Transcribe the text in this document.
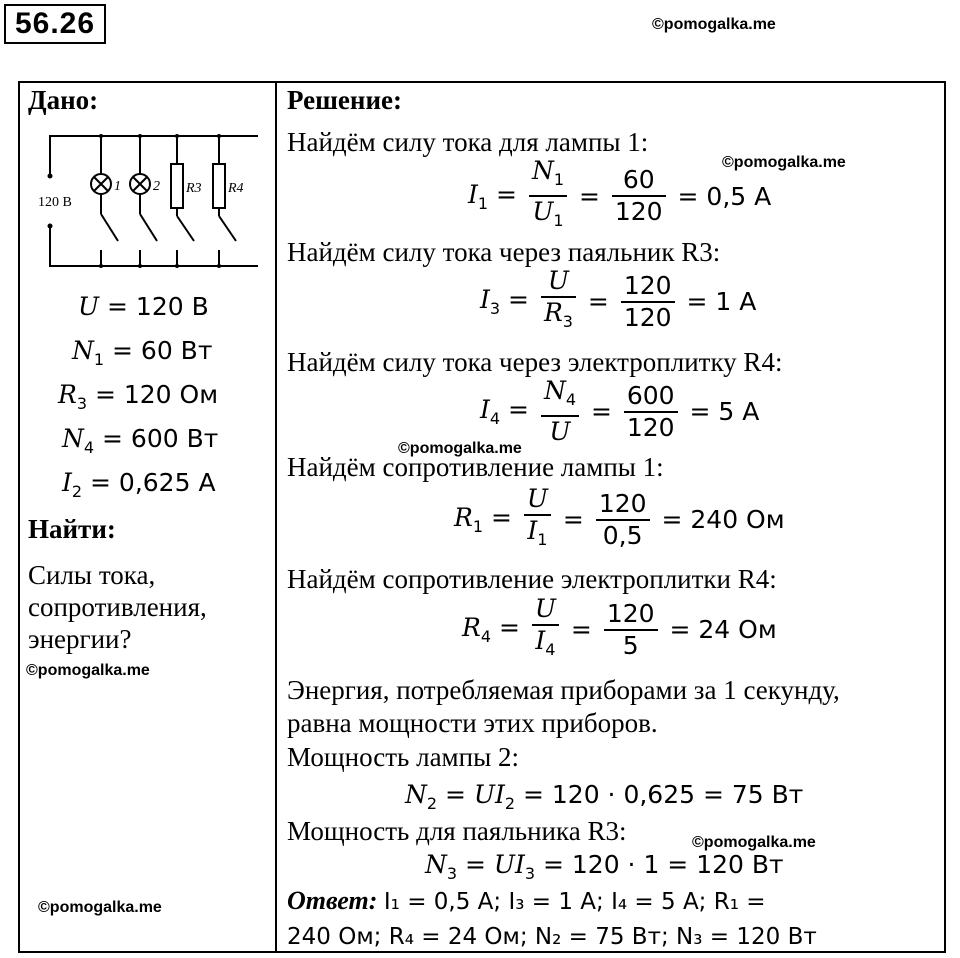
56.26	©pomogalka.me
Дано:
120 В
1 2 R3 R4
U = 120 В
$N_1 = 60$ Вт
$R_3 = 120$ Ом
$N_4 = 600$ Вт
$I_2 = 0,625$ А
Найти:
Силы тока,
сопротивления,
энергии?
©pomogalka.me
©pomogalka.me
Решение:
Найдём силу тока для лампы 1:
©pomogalka.me
$I_1 = \frac{N_1}{U_1} = \frac{60}{120} = 0,5$ А
Найдём силу тока через паяльник R3:
$I_3 = \frac{U}{R_3} = \frac{120}{120} = 1$ А
Найдём силу тока через электроплитку R4:
$I_4 = \frac{N_4}{U} = \frac{600}{120} = 5$ А
©pomogalka.me
Найдём сопротивление лампы 1:
$R_1 = \frac{U}{I_1} = \frac{120}{0,5} = 240$ Ом
Найдём сопротивление электроплитки R4:
$R_4 = \frac{U}{I_4} = \frac{120}{5} = 24$ Ом
Энергия, потребляемая приборами за 1 секунду,
равна мощности этих приборов.
Мощность лампы 2:
$N_2 = UI_2 = 120 \cdot 0,625 = 75$ Вт
Мощность для паяльника R3:	©pomogalka.me
$N_3 = UI_3 = 120 \cdot 1 = 120$ Вт
Ответ: I₁ = 0,5 А; I₃ = 1 А; I₄ = 5 А; R₁ =
240 Ом; R₄ = 24 Ом; N₂ = 75 Вт; N₃ = 120 Вт
